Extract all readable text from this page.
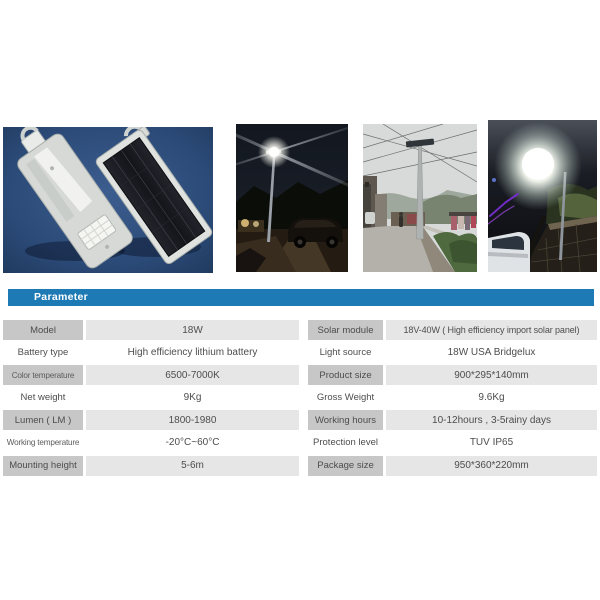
Parameter
Model	18W
Battery type	High efficiency lithium battery
Color temperature	6500-7000K
Net weight	9Kg
Lumen ( LM )	1800-1980
Working temperature	-20°C~60°C
Mounting height	5-6m
Solar module	18V-40W ( High efficiency import solar panel)
Light source	18W USA Bridgelux
Product size	900*295*140mm
Gross Weight	9.6Kg
Working hours	10-12hours , 3-5rainy days
Protection level	TUV IP65
Package size	950*360*220mm
